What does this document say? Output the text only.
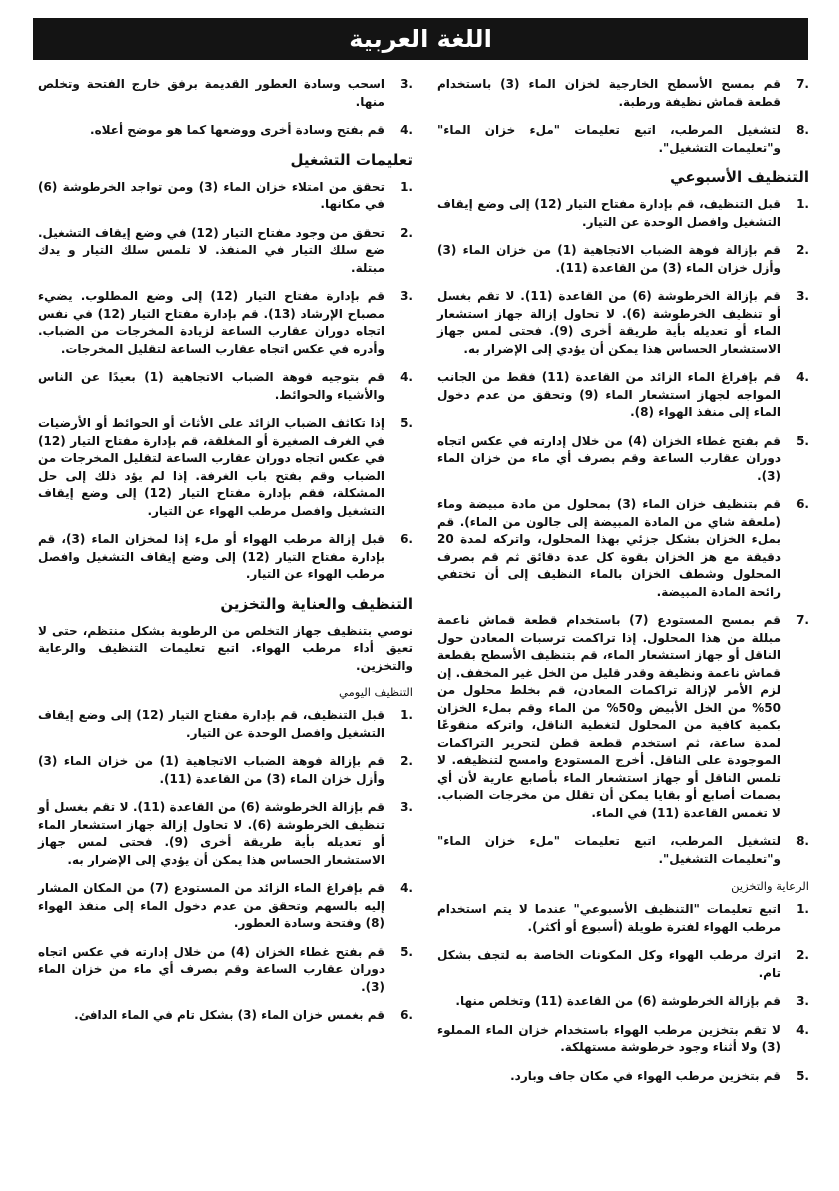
اللغة العربية
7.
قم بمسح الأسطح الخارجية لخزان الماء (3) باستخدام قطعة قماش نظيفة ورطبة.
8.
لتشغيل المرطب، اتبع تعليمات "ملء خزان الماء" و"تعليمات التشغيل".
التنظيف الأسبوعي
1.
قبل التنظيف، قم بإدارة مفتاح التيار (12) إلى وضع إيقاف التشغيل وافصل الوحدة عن التيار.
2.
قم بإزالة فوهة الضباب الاتجاهية (1) من خزان الماء (3) وأزل خزان الماء (3) من القاعدة (11).
3.
قم بإزالة الخرطوشة (6) من القاعدة (11). لا تقم بغسل أو تنظيف الخرطوشة (6). لا تحاول إزالة جهاز استشعار الماء أو تعديله بأية طريقة أخرى (9). فحتى لمس جهاز الاستشعار الحساس هذا يمكن أن يؤدي إلى الإضرار به.
4.
قم بإفراغ الماء الزائد من القاعدة (11) فقط من الجانب المواجه لجهاز استشعار الماء (9) وتحقق من عدم دخول الماء إلى منفذ الهواء (8).
5.
قم بفتح غطاء الخزان (4) من خلال إدارته في عكس اتجاه دوران عقارب الساعة وقم بصرف أي ماء من خزان الماء (3).
6.
قم بتنظيف خزان الماء (3) بمحلول من مادة مبيضة وماء (ملعقة شاي من المادة المبيضة إلى جالون من الماء). قم بملء الخزان بشكل جزئي بهذا المحلول، واتركه لمدة 20 دقيقة مع هز الخزان بقوة كل عدة دقائق ثم قم بصرف المحلول وشطف الخزان بالماء النظيف إلى أن تختفي رائحة المادة المبيضة.
7.
قم بمسح المستودع (7) باستخدام قطعة قماش ناعمة مبللة من هذا المحلول. إذا تراكمت ترسبات المعادن حول الناقل أو جهاز استشعار الماء، قم بتنظيف الأسطح بقطعة قماش ناعمة ونظيفة وقدر قليل من الخل غير المخفف. إن لزم الأمر لإزالة تراكمات المعادن، قم بخلط محلول من 50% من الخل الأبيض و50% من الماء وقم بملء الخزان بكمية كافية من المحلول لتغطية الناقل، واتركه منقوعًا لمدة ساعة، ثم استخدم قطعة قطن لتحرير التراكمات الموجودة على الناقل. أخرج المستودع وامسح لتنظيفه. لا تلمس الناقل أو جهاز استشعار الماء بأصابع عارية لأن أي بصمات أصابع أو بقايا يمكن أن تقلل من مخرجات الضباب. لا تغمس القاعدة (11) في الماء.
8.
لتشغيل المرطب، اتبع تعليمات "ملء خزان الماء" و"تعليمات التشغيل".
الرعاية والتخزين
1.
اتبع تعليمات "التنظيف الأسبوعي" عندما لا يتم استخدام مرطب الهواء لفترة طويلة (أسبوع أو أكثر).
2.
اترك مرطب الهواء وكل المكونات الخاصة به لتجف بشكل تام.
3.
قم بإزالة الخرطوشة (6) من القاعدة (11) وتخلص منها.
4.
لا تقم بتخزين مرطب الهواء باستخدام خزان الماء المملوء (3) ولا أثناء وجود خرطوشة مستهلكة.
5.
قم بتخزين مرطب الهواء في مكان جاف وبارد.
3.
اسحب وسادة العطور القديمة برفق خارج الفتحة وتخلص منها.
4.
قم بفتح وسادة أخرى ووضعها كما هو موضح أعلاه.
تعليمات التشغيل
1.
تحقق من امتلاء خزان الماء (3) ومن تواجد الخرطوشة (6) في مكانها.
2.
تحقق من وجود مفتاح التيار (12) في وضع إيقاف التشغيل. ضع سلك التيار في المنفذ. لا تلمس سلك التيار و يدك مبتلة.
3.
قم بإدارة مفتاح التيار (12) إلى وضع المطلوب. يضيء مصباح الإرشاد (13). قم بإدارة مفتاح التيار (12) في نفس اتجاه دوران عقارب الساعة لزيادة المخرجات من الضباب. وأدره في عكس اتجاه عقارب الساعة لتقليل المخرجات.
4.
قم بتوجيه فوهة الضباب الاتجاهية (1) بعيدًا عن الناس والأشياء والحوائط.
5.
إذا تكاثف الضباب الزائد على الأثاث أو الحوائط أو الأرضيات في الغرف الصغيرة أو المغلقة، قم بإدارة مفتاح التيار (12) في عكس اتجاه دوران عقارب الساعة لتقليل المخرجات من الضباب وقم بفتح باب الغرفة. إذا لم يؤد ذلك إلى حل المشكلة، فقم بإدارة مفتاح التيار (12) إلى وضع إيقاف التشغيل وافصل مرطب الهواء عن التيار.
6.
قبل إزالة مرطب الهواء أو ملء إذا لمخزان الماء (3)، قم بإدارة مفتاح التيار (12) إلى وضع إيقاف التشغيل وافصل مرطب الهواء عن التيار.
التنظيف والعناية والتخزين

نوصي بتنظيف جهاز التخلص من الرطوبة بشكل منتظم، حتى لا تعيق أداء مرطب الهواء. اتبع تعليمات التنظيف والرعاية والتخزين.

التنظيف اليومي
1.
قبل التنظيف، قم بإدارة مفتاح التيار (12) إلى وضع إيقاف التشغيل وافصل الوحدة عن التيار.
2.
قم بإزالة فوهة الضباب الاتجاهية (1) من خزان الماء (3) وأزل خزان الماء (3) من القاعدة (11).
3.
قم بإزالة الخرطوشة (6) من القاعدة (11). لا تقم بغسل أو تنظيف الخرطوشة (6). لا تحاول إزالة جهاز استشعار الماء أو تعديله بأية طريقة أخرى (9). فحتى لمس جهاز الاستشعار الحساس هذا يمكن أن يؤدي إلى الإضرار به.
4.
قم بإفراغ الماء الزائد من المستودع (7) من المكان المشار إليه بالسهم وتحقق من عدم دخول الماء إلى منفذ الهواء (8) وفتحة وسادة العطور.
5.
قم بفتح غطاء الخزان (4) من خلال إدارته في عكس اتجاه دوران عقارب الساعة وقم بصرف أي ماء من خزان الماء (3).
6.
قم بغمس خزان الماء (3) بشكل تام في الماء الدافئ.
